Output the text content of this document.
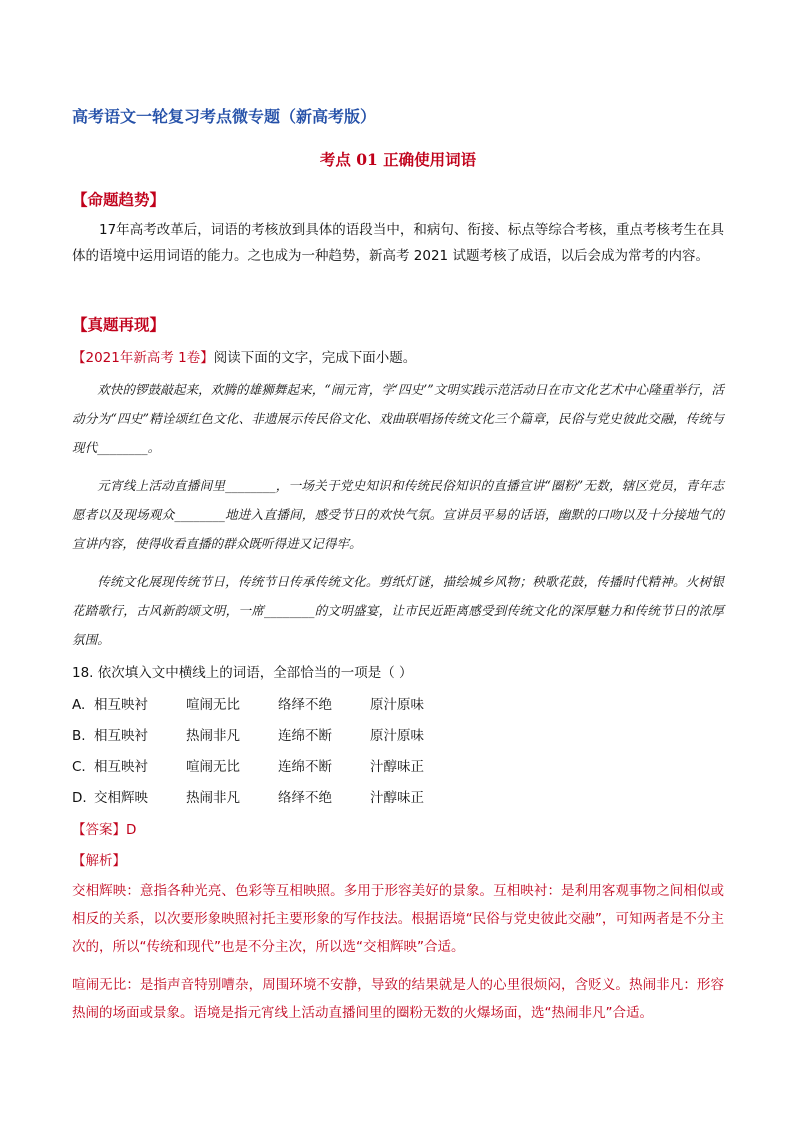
高考语文一轮复习考点微专题（新高考版）
考点 01 正确使用词语
【命题趋势】
17年高考改革后，词语的考核放到具体的语段当中，和病句、衔接、标点等综合考核，重点考核考生在具体的语境中运用词语的能力。之也成为一种趋势，新高考 2021 试题考核了成语，以后会成为常考的内容。
【真题再现】
【2021年新高考 1卷】阅读下面的文字，完成下面小题。
欢快的锣鼓敲起来，欢腾的雄狮舞起来，“闹元宵，学‘四史’”文明实践示范活动日在市文化艺术中心隆重举行，活动分为“四史”精诠颂红色文化、非遗展示传民俗文化、戏曲联唱扬传统文化三个篇章，民俗与党史彼此交融，传统与现代________。
元宵线上活动直播间里________，一场关于党史知识和传统民俗知识的直播宣讲“圈粉”无数，辖区党员，青年志愿者以及现场观众________地进入直播间，感受节日的欢快气氛。宣讲员平易的话语，幽默的口吻以及十分接地气的宣讲内容，使得收看直播的群众既听得进又记得牢。
传统文化展现传统节日，传统节日传承传统文化。剪纸灯谜，描绘城乡风物；秧歌花鼓，传播时代精神。火树银花踏歌行，古风新韵颂文明，一席________的文明盛宴，让市民近距离感受到传统文化的深厚魅力和传统节日的浓厚氛围。
18. 依次填入文中横线上的词语，全部恰当的一项是（ ）
A. 相互映衬	喧闹无比	络绎不绝	原汁原味
B. 相互映衬	热闹非凡	连绵不断	原汁原味
C. 相互映衬	喧闹无比	连绵不断	汁醇味正
D. 交相辉映	热闹非凡	络绎不绝	汁醇味正
【答案】D
【解析】
交相辉映：意指各种光亮、色彩等互相映照。多用于形容美好的景象。互相映衬：是利用客观事物之间相似或相反的关系，以次要形象映照衬托主要形象的写作技法。根据语境“民俗与党史彼此交融”，可知两者是不分主次的，所以“传统和现代”也是不分主次，所以选“交相辉映”合适。
喧闹无比：是指声音特别嘈杂，周围环境不安静，导致的结果就是人的心里很烦闷，含贬义。热闹非凡：形容热闹的场面或景象。语境是指元宵线上活动直播间里的圈粉无数的火爆场面，选“热闹非凡”合适。
